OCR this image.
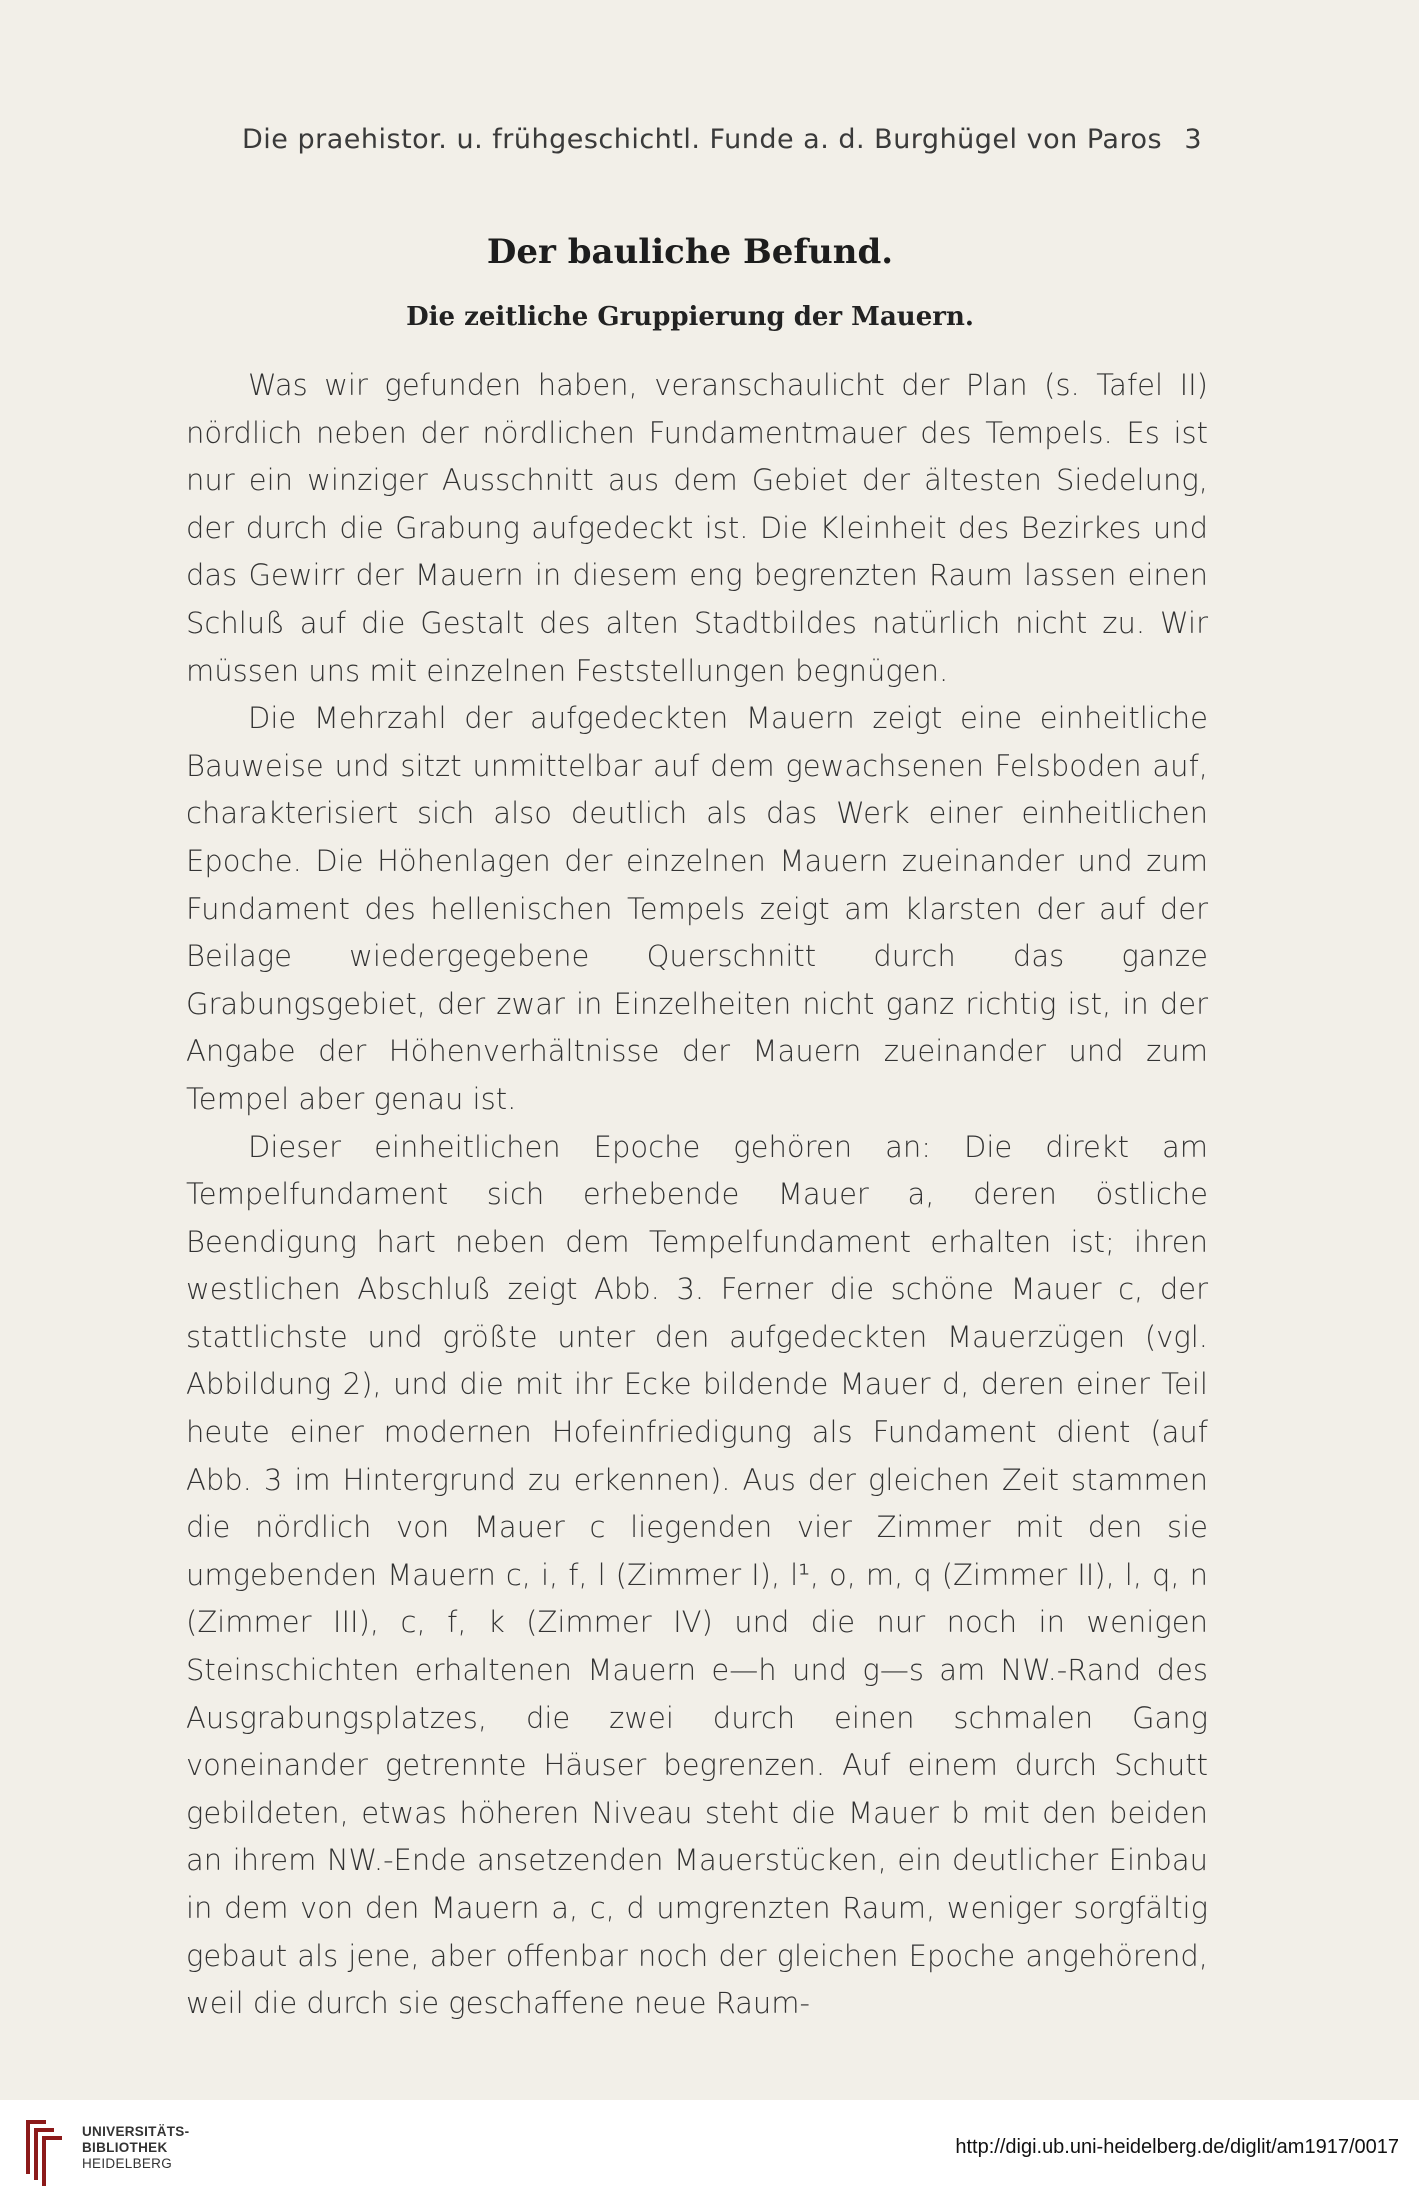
Die praehistor. u. frühgeschichtl. Funde a. d. Burghügel von Paros 3
Der bauliche Befund.
Die zeitliche Gruppierung der Mauern.

Was wir gefunden haben, veranschaulicht der Plan (s. Tafel II) nördlich neben der nördlichen Fundamentmauer des Tempels. Es ist nur ein winziger Ausschnitt aus dem Gebiet der ältesten Siedelung, der durch die Grabung aufgedeckt ist. Die Kleinheit des Bezirkes und das Gewirr der Mauern in diesem eng begrenzten Raum lassen einen Schluß auf die Gestalt des alten Stadtbildes natürlich nicht zu. Wir müssen uns mit einzelnen Feststellungen begnügen.

Die Mehrzahl der aufgedeckten Mauern zeigt eine einheitliche Bauweise und sitzt unmittelbar auf dem gewachsenen Felsboden auf, charakterisiert sich also deutlich als das Werk einer einheitlichen Epoche. Die Höhenlagen der einzelnen Mauern zueinander und zum Fundament des hellenischen Tempels zeigt am klarsten der auf der Beilage wiedergegebene Querschnitt durch das ganze Grabungsgebiet, der zwar in Einzelheiten nicht ganz richtig ist, in der Angabe der Höhenverhältnisse der Mauern zueinander und zum Tempel aber genau ist.

Dieser einheitlichen Epoche gehören an: Die direkt am Tempelfundament sich erhebende Mauer a, deren östliche Beendigung hart neben dem Tempelfundament erhalten ist; ihren westlichen Abschluß zeigt Abb. 3. Ferner die schöne Mauer c, der stattlichste und größte unter den aufgedeckten Mauerzügen (vgl. Abbildung 2), und die mit ihr Ecke bildende Mauer d, deren einer Teil heute einer modernen Hofeinfriedigung als Fundament dient (auf Abb. 3 im Hintergrund zu erkennen). Aus der gleichen Zeit stammen die nördlich von Mauer c liegenden vier Zimmer mit den sie umgebenden Mauern c, i, f, l (Zimmer I), l¹, o, m, q (Zimmer II), l, q, n (Zimmer III), c, f, k (Zimmer IV) und die nur noch in wenigen Steinschichten erhaltenen Mauern e—h und g—s am NW.-Rand des Ausgrabungsplatzes, die zwei durch einen schmalen Gang voneinander getrennte Häuser begrenzen. Auf einem durch Schutt gebildeten, etwas höheren Niveau steht die Mauer b mit den beiden an ihrem NW.-Ende ansetzenden Mauerstücken, ein deutlicher Einbau in dem von den Mauern a, c, d umgrenzten Raum, weniger sorgfältig gebaut als jene, aber offenbar noch der gleichen Epoche angehörend, weil die durch sie geschaffene neue Raum-

UNIVERSITÄTS-
BIBLIOTHEK
HEIDELBERG
http://digi.ub.uni-heidelberg.de/diglit/am1917/0017
